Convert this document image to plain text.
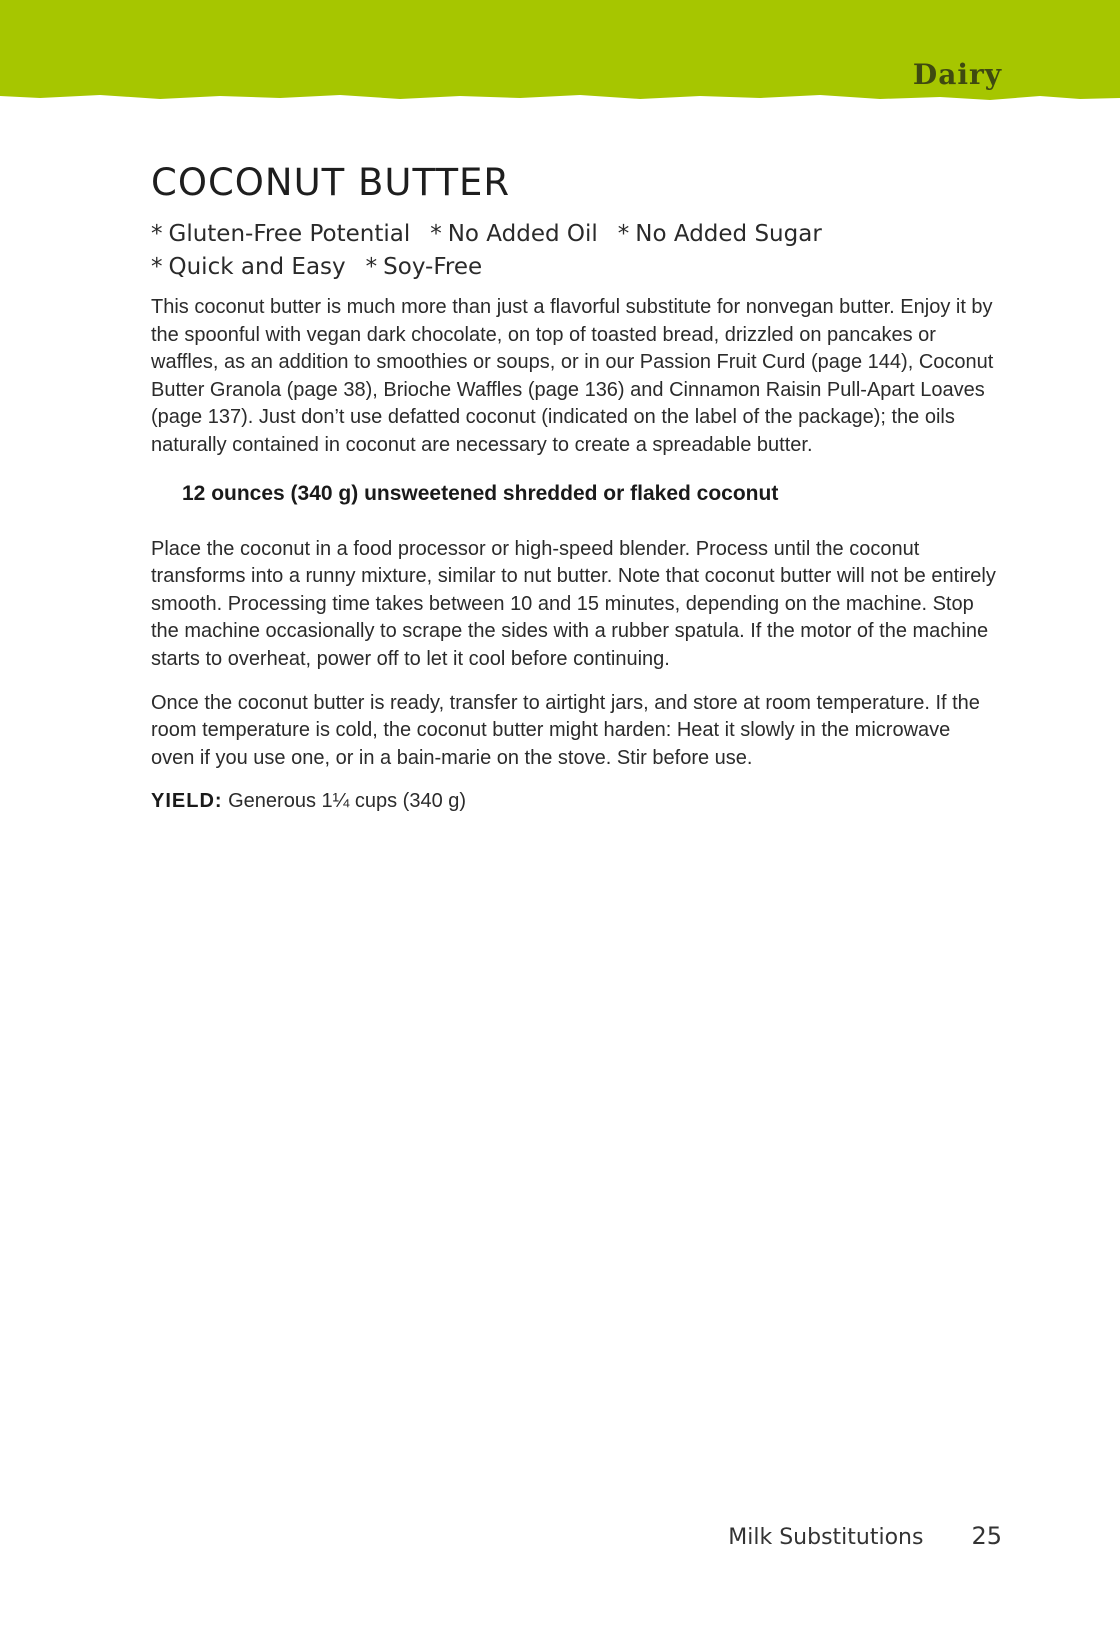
Dairy
COCONUT BUTTER
* Gluten-Free Potential * No Added Oil * No Added Sugar
* Quick and Easy * Soy-Free

This coconut butter is much more than just a flavorful substitute for nonvegan butter. Enjoy it by the spoonful with vegan dark chocolate, on top of toasted bread, drizzled on pancakes or waffles, as an addition to smoothies or soups, or in our Passion Fruit Curd (page 144), Coconut Butter Granola (page 38), Brioche Waffles (page 136) and Cinnamon Raisin Pull-Apart Loaves (page 137). Just don’t use defatted coconut (indicated on the label of the package); the oils naturally contained in coconut are necessary to create a spreadable butter.

12 ounces (340 g) unsweetened shredded or flaked coconut

Place the coconut in a food processor or high-speed blender. Process until the coconut transforms into a runny mixture, similar to nut butter. Note that coconut butter will not be entirely smooth. Processing time takes between 10 and 15 minutes, depending on the machine. Stop the machine occasionally to scrape the sides with a rubber spatula. If the motor of the machine starts to overheat, power off to let it cool before continuing.

Once the coconut butter is ready, transfer to airtight jars, and store at room temperature. If the room temperature is cold, the coconut butter might harden: Heat it slowly in the microwave oven if you use one, or in a bain-marie on the stove. Stir before use.

YIELD: Generous 1¼ cups (340 g)

Milk Substitutions 25
